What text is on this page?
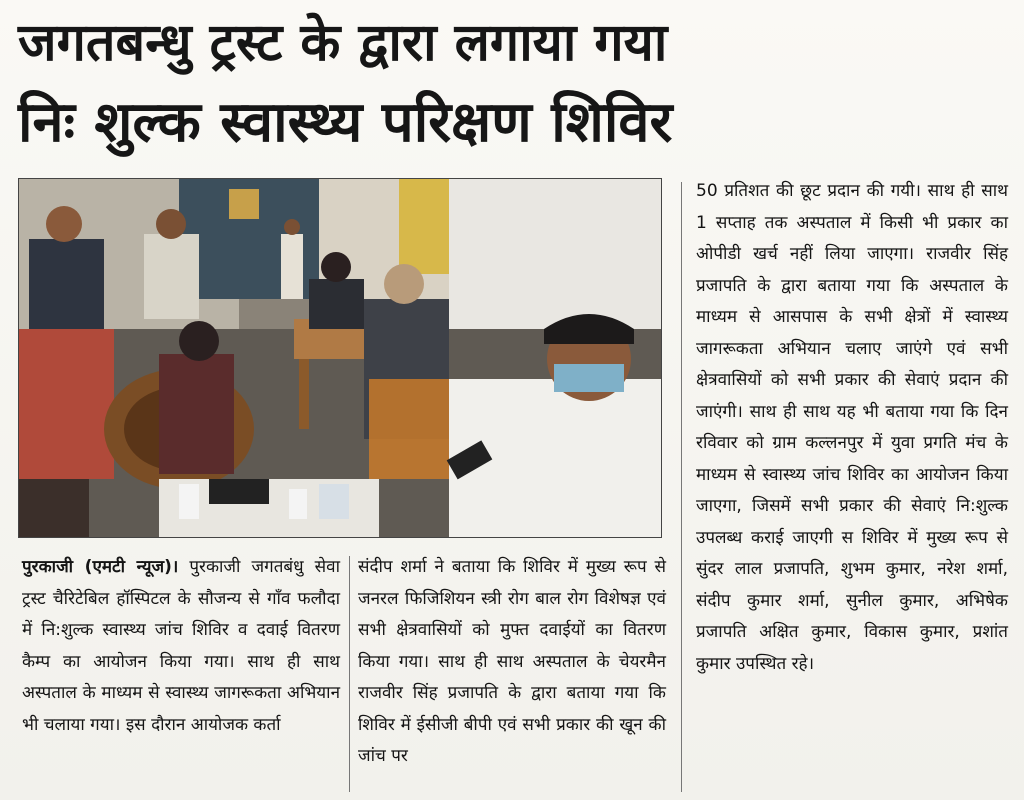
जगतबन्धु ट्रस्ट के द्वारा लगाया गया
निः शुल्क स्वास्थ्य परिक्षण शिविर

पुरकाजी (एमटी न्यूज)। पुरकाजी जगतबंधु सेवा ट्रस्ट चैरिटेबिल हॉस्पिटल के सौजन्य से गाँव फलौदा में नि:शुल्क स्वास्थ्य जांच शिविर व दवाई वितरण कैम्प का आयोजन किया गया। साथ ही साथ अस्पताल के माध्यम से स्वास्थ्य जागरूकता अभियान भी चलाया गया। इस दौरान आयोजक कर्ता

संदीप शर्मा ने बताया कि शिविर में मुख्य रूप से जनरल फिजिशियन स्त्री रोग बाल रोग विशेषज्ञ एवं सभी क्षेत्रवासियों को मुफ्त दवाईयों का वितरण किया गया। साथ ही साथ अस्पताल के चेयरमैन राजवीर सिंह प्रजापति के द्वारा बताया गया कि शिविर में ईसीजी बीपी एवं सभी प्रकार की खून की जांच पर

50 प्रतिशत की छूट प्रदान की गयी। साथ ही साथ 1 सप्ताह तक अस्पताल में किसी भी प्रकार का ओपीडी खर्च नहीं लिया जाएगा। राजवीर सिंह प्रजापति के द्वारा बताया गया कि अस्पताल के माध्यम से आसपास के सभी क्षेत्रों में स्वास्थ्य जागरूकता अभियान चलाए जाएंगे एवं सभी क्षेत्रवासियों को सभी प्रकार की सेवाएं प्रदान की जाएंगी। साथ ही साथ यह भी बताया गया कि दिन रविवार को ग्राम कल्लनपुर में युवा प्रगति मंच के माध्यम से स्वास्थ्य जांच शिविर का आयोजन किया जाएगा, जिसमें सभी प्रकार की सेवाएं नि:शुल्क उपलब्ध कराई जाएगी स शिविर में मुख्य रूप से सुंदर लाल प्रजापति, शुभम कुमार, नरेश शर्मा, संदीप कुमार शर्मा, सुनील कुमार, अभिषेक प्रजापति अक्षित कुमार, विकास कुमार, प्रशांत कुमार उपस्थित रहे।
